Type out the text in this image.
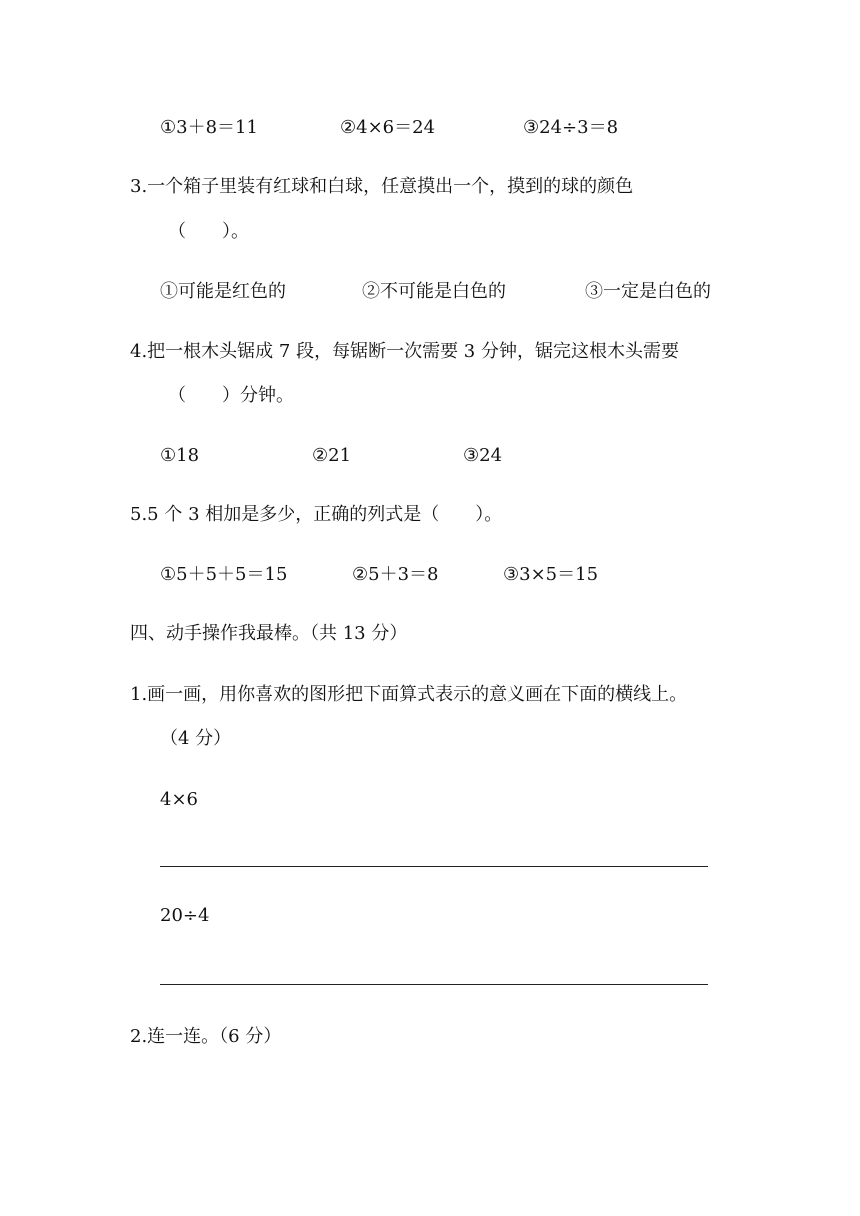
①3＋8＝11	②4×6＝24	③24÷3＝8
3.一个箱子里装有红球和白球，任意摸出一个，摸到的球的颜色
（　　）。
①可能是红色的	②不可能是白色的	③一定是白色的
4.把一根木头锯成 7 段，每锯断一次需要 3 分钟，锯完这根木头需要
（　　）分钟。
①18	②21	③24
5.5 个 3 相加是多少，正确的列式是（　　）。
①5＋5＋5＝15	②5＋3＝8	③3×5＝15
四、动手操作我最棒。（共 13 分）
1.画一画，用你喜欢的图形把下面算式表示的意义画在下面的横线上。
（4 分）
4×6
20÷4
2.连一连。（6 分）
